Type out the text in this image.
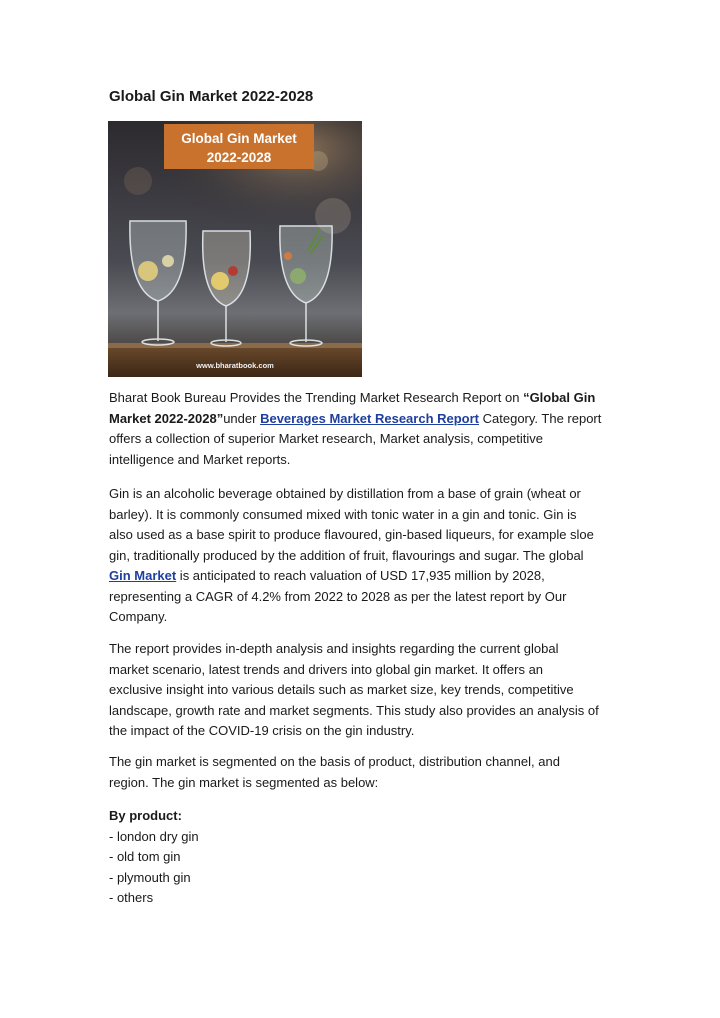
Global Gin Market 2022-2028
Global Gin Market
2022-2028
www.bharatbook.com

Bharat Book Bureau Provides the Trending Market Research Report on “Global Gin
Market 2022-2028”under Beverages Market Research Report Category. The report
offers a collection of superior Market research, Market analysis, competitive
intelligence and Market reports.

Gin is an alcoholic beverage obtained by distillation from a base of grain (wheat or
barley). It is commonly consumed mixed with tonic water in a gin and tonic. Gin is
also used as a base spirit to produce flavoured, gin-based liqueurs, for example sloe
gin, traditionally produced by the addition of fruit, flavourings and sugar. The global
Gin Market is anticipated to reach valuation of USD 17,935 million by 2028,
representing a CAGR of 4.2% from 2022 to 2028 as per the latest report by Our
Company.

The report provides in-depth analysis and insights regarding the current global
market scenario, latest trends and drivers into global gin market. It offers an
exclusive insight into various details such as market size, key trends, competitive
landscape, growth rate and market segments. This study also provides an analysis of
the impact of the COVID-19 crisis on the gin industry.

The gin market is segmented on the basis of product, distribution channel, and
region. The gin market is segmented as below:

By product:
- london dry gin
- old tom gin
- plymouth gin
- others
